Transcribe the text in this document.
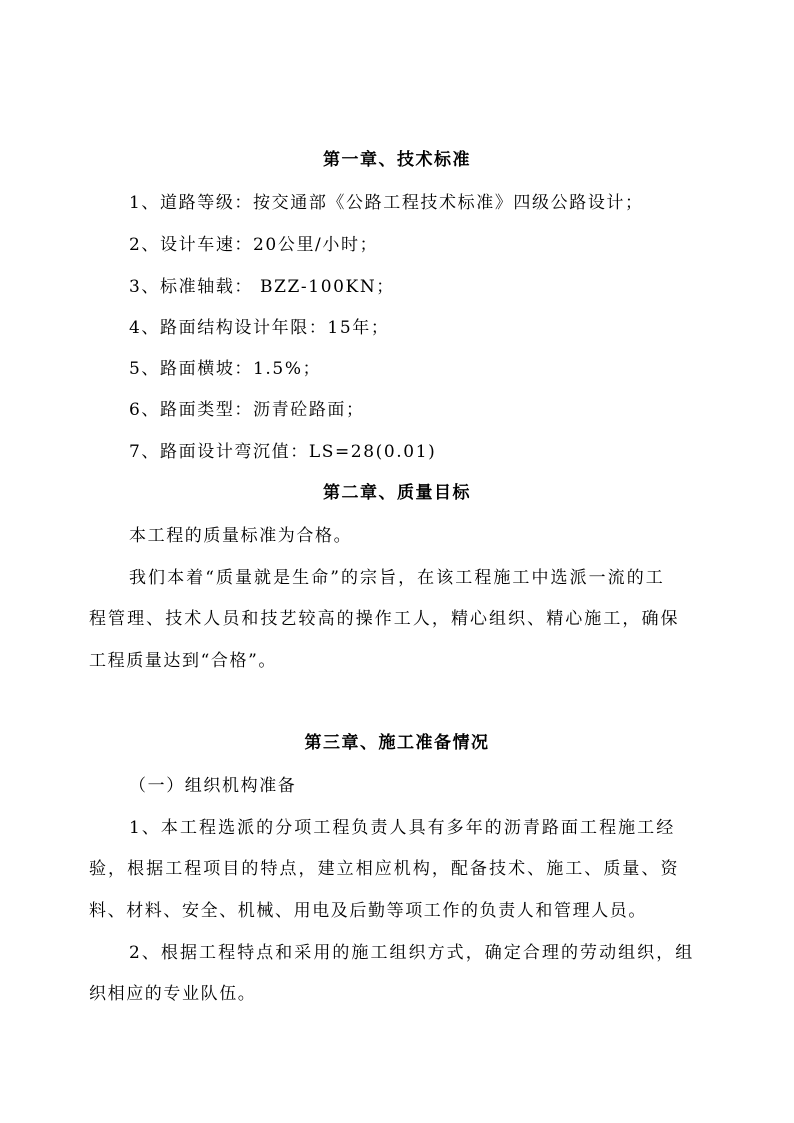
第一章、技术标准
1、道路等级：按交通部《公路工程技术标准》四级公路设计；
2、设计车速：20公里/小时；
3、标准轴载： BZZ-100KN；
4、路面结构设计年限：15年；
5、路面横坡：1.5%；
6、路面类型：沥青砼路面；
7、路面设计弯沉值：LS=28(0.01)
第二章、质量目标
本工程的质量标准为合格。
我们本着“质量就是生命”的宗旨，在该工程施工中选派一流的工
程管理、技术人员和技艺较高的操作工人，精心组织、精心施工，确保
工程质量达到“合格”。
第三章、施工准备情况
（一）组织机构准备
1、本工程选派的分项工程负责人具有多年的沥青路面工程施工经
验，根据工程项目的特点，建立相应机构，配备技术、施工、质量、资
料、材料、安全、机械、用电及后勤等项工作的负责人和管理人员。
2、根据工程特点和采用的施工组织方式，确定合理的劳动组织，组
织相应的专业队伍。
